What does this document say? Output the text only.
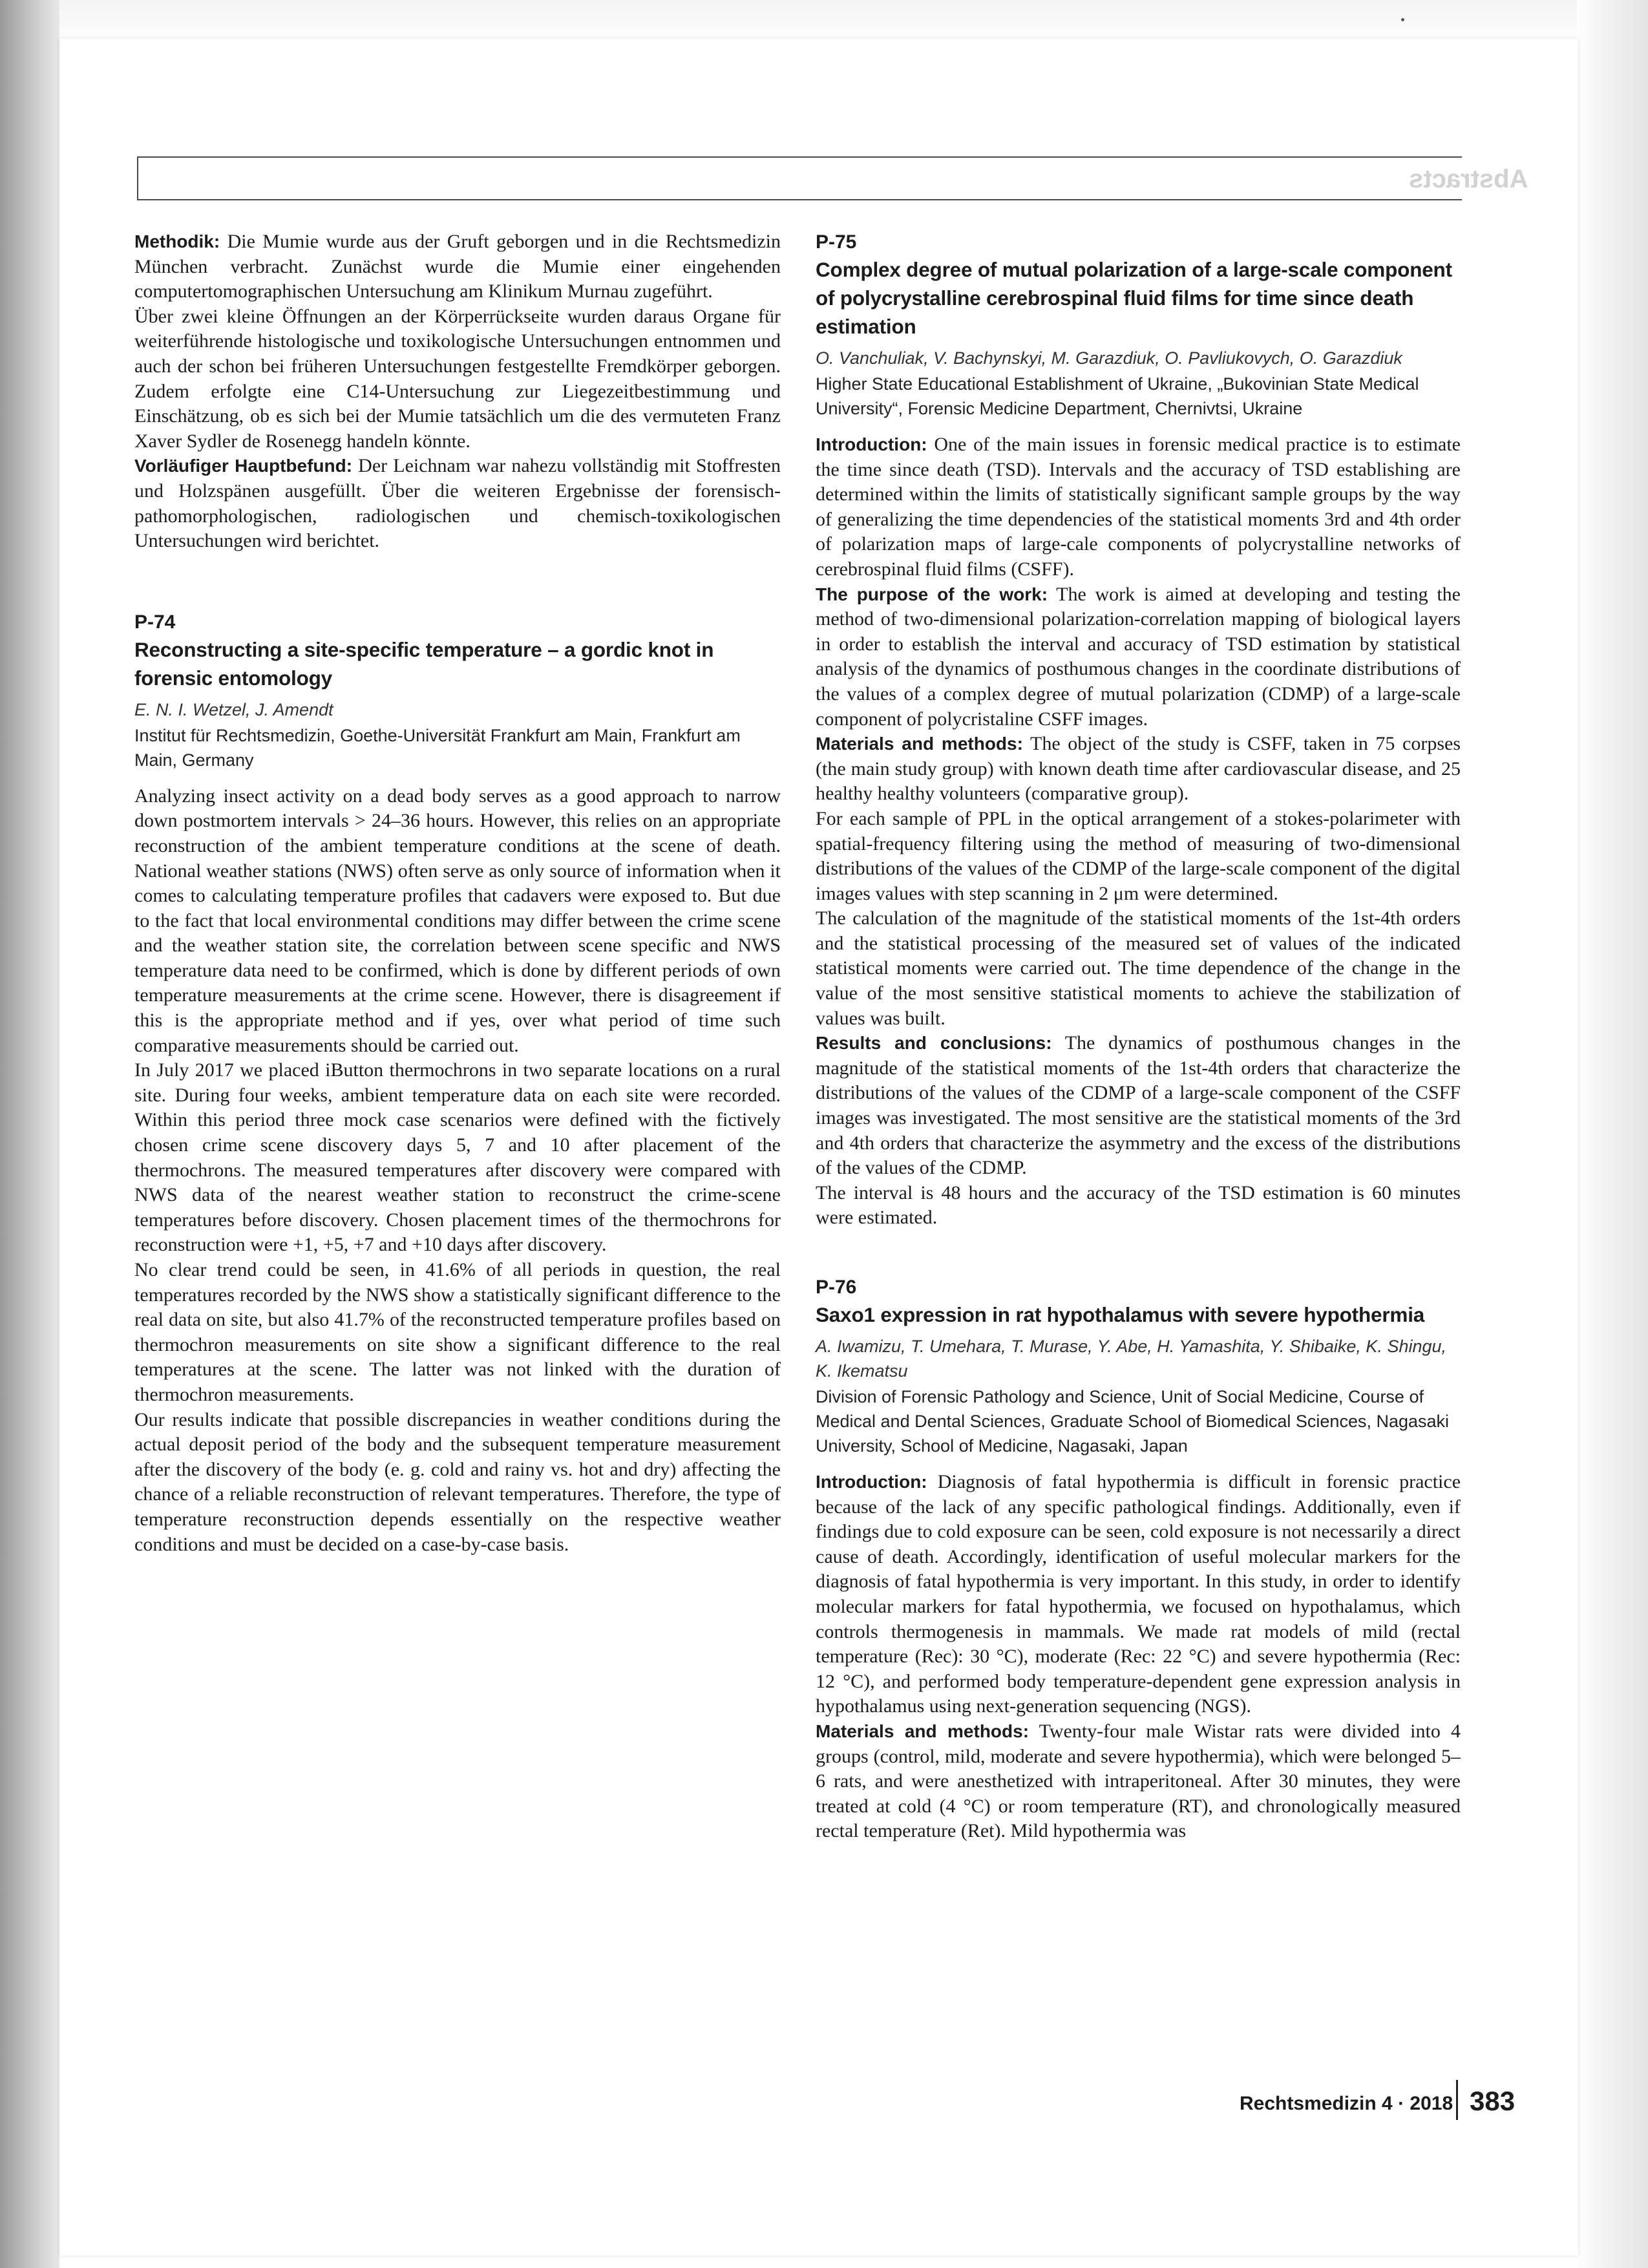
Abstracts

Methodik: Die Mumie wurde aus der Gruft geborgen und in die Rechtsmedizin München verbracht. Zunächst wurde die Mumie einer eingehenden computertomographischen Untersuchung am Klinikum Murnau zugeführt.

Über zwei kleine Öffnungen an der Körperrückseite wurden daraus Organe für weiterführende histologische und toxikologische Untersuchungen entnommen und auch der schon bei früheren Untersuchungen festgestellte Fremdkörper geborgen. Zudem erfolgte eine C14-Untersuchung zur Liegezeitbestimmung und Einschätzung, ob es sich bei der Mumie tatsächlich um die des vermuteten Franz Xaver Sydler de Rosenegg handeln könnte.

Vorläufiger Hauptbefund: Der Leichnam war nahezu vollständig mit Stoffresten und Holzspänen ausgefüllt. Über die weiteren Ergebnisse der forensisch-pathomorphologischen, radiologischen und chemisch-toxikologischen Untersuchungen wird berichtet.

P-74

Reconstructing a site-specific temperature – a gordic knot in forensic entomology

E. N. I. Wetzel, J. Amendt

Institut für Rechtsmedizin, Goethe-Universität Frankfurt am Main, Frankfurt am Main, Germany

Analyzing insect activity on a dead body serves as a good approach to narrow down postmortem intervals > 24–36 hours. However, this relies on an appropriate reconstruction of the ambient temperature conditions at the scene of death. National weather stations (NWS) often serve as only source of information when it comes to calculating temperature profiles that cadavers were exposed to. But due to the fact that local environmental conditions may differ between the crime scene and the weather station site, the correlation between scene specific and NWS temperature data need to be confirmed, which is done by different periods of own temperature measurements at the crime scene. However, there is disagreement if this is the appropriate method and if yes, over what period of time such comparative measurements should be carried out.

In July 2017 we placed iButton thermochrons in two separate locations on a rural site. During four weeks, ambient temperature data on each site were recorded. Within this period three mock case scenarios were defined with the fictively chosen crime scene discovery days 5, 7 and 10 after placement of the thermochrons. The measured temperatures after discovery were compared with NWS data of the nearest weather station to reconstruct the crime-scene temperatures before discovery. Chosen placement times of the thermochrons for reconstruction were +1, +5, +7 and +10 days after discovery.

No clear trend could be seen, in 41.6% of all periods in question, the real temperatures recorded by the NWS show a statistically significant difference to the real data on site, but also 41.7% of the reconstructed temperature profiles based on thermochron measurements on site show a significant difference to the real temperatures at the scene. The latter was not linked with the duration of thermochron measurements.

Our results indicate that possible discrepancies in weather conditions during the actual deposit period of the body and the subsequent temperature measurement after the discovery of the body (e. g. cold and rainy vs. hot and dry) affecting the chance of a reliable reconstruction of relevant temperatures. Therefore, the type of temperature reconstruction depends essentially on the respective weather conditions and must be decided on a case-by-case basis.

P-75

Complex degree of mutual polarization of a large-scale component of polycrystalline cerebrospinal fluid films for time since death estimation

O. Vanchuliak, V. Bachynskyi, M. Garazdiuk, O. Pavliukovych, O. Garazdiuk

Higher State Educational Establishment of Ukraine, „Bukovinian State Medical University“, Forensic Medicine Department, Chernivtsi, Ukraine

Introduction: One of the main issues in forensic medical practice is to estimate the time since death (TSD). Intervals and the accuracy of TSD establishing are determined within the limits of statistically significant sample groups by the way of generalizing the time dependencies of the statistical moments 3rd and 4th order of polarization maps of large-cale components of polycrystalline networks of cerebrospinal fluid films (CSFF).

The purpose of the work: The work is aimed at developing and testing the method of two-dimensional polarization-correlation mapping of biological layers in order to establish the interval and accuracy of TSD estimation by statistical analysis of the dynamics of posthumous changes in the coordinate distributions of the values of a complex degree of mutual polarization (CDMP) of a large-scale component of polycristaline CSFF images.

Materials and methods: The object of the study is CSFF, taken in 75 corpses (the main study group) with known death time after cardiovascular disease, and 25 healthy healthy volunteers (comparative group).

For each sample of PPL in the optical arrangement of a stokes-polarimeter with spatial-frequency filtering using the method of measuring of two-dimensional distributions of the values of the CDMP of the large-scale component of the digital images values with step scanning in 2 μm were determined.

The calculation of the magnitude of the statistical moments of the 1st-4th orders and the statistical processing of the measured set of values of the indicated statistical moments were carried out. The time dependence of the change in the value of the most sensitive statistical moments to achieve the stabilization of values was built.

Results and conclusions: The dynamics of posthumous changes in the magnitude of the statistical moments of the 1st-4th orders that characterize the distributions of the values of the CDMP of a large-scale component of the CSFF images was investigated. The most sensitive are the statistical moments of the 3rd and 4th orders that characterize the asymmetry and the excess of the distributions of the values of the CDMP.

The interval is 48 hours and the accuracy of the TSD estimation is 60 minutes were estimated.

P-76

Saxo1 expression in rat hypothalamus with severe hypothermia

A. Iwamizu, T. Umehara, T. Murase, Y. Abe, H. Yamashita, Y. Shibaike, K. Shingu, K. Ikematsu

Division of Forensic Pathology and Science, Unit of Social Medicine, Course of Medical and Dental Sciences, Graduate School of Biomedical Sciences, Nagasaki University, School of Medicine, Nagasaki, Japan

Introduction: Diagnosis of fatal hypothermia is difficult in forensic practice because of the lack of any specific pathological findings. Additionally, even if findings due to cold exposure can be seen, cold exposure is not necessarily a direct cause of death. Accordingly, identification of useful molecular markers for the diagnosis of fatal hypothermia is very important. In this study, in order to identify molecular markers for fatal hypothermia, we focused on hypothalamus, which controls thermogenesis in mammals. We made rat models of mild (rectal temperature (Rec): 30 °C), moderate (Rec: 22 °C) and severe hypothermia (Rec: 12 °C), and performed body temperature-dependent gene expression analysis in hypothalamus using next-generation sequencing (NGS).

Materials and methods: Twenty-four male Wistar rats were divided into 4 groups (control, mild, moderate and severe hypothermia), which were belonged 5–6 rats, and were anesthetized with intraperitoneal. After 30 minutes, they were treated at cold (4 °C) or room temperature (RT), and chronologically measured rectal temperature (Ret). Mild hypothermia was

Rechtsmedizin 4 · 2018 383
